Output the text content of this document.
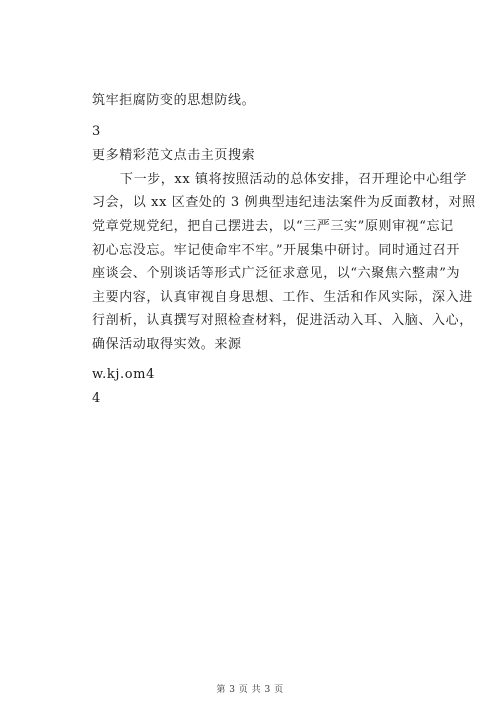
筑牢拒腐防变的思想防线。
3
更多精彩范文点击主页搜索
下一步，xx 镇将按照活动的总体安排，召开理论中心组学
习会，以 xx 区查处的 3 例典型违纪违法案件为反面教材，对照
党章党规党纪，把自己摆进去，以“三严三实”原则审视“忘记
初心忘没忘。牢记使命牢不牢。”开展集中研讨。同时通过召开
座谈会、个别谈话等形式广泛征求意见，以“六聚焦六整肃”为
主要内容，认真审视自身思想、工作、生活和作风实际，深入进
行剖析，认真撰写对照检查材料，促进活动入耳、入脑、入心，
确保活动取得实效。来源
w.kj.om4
4
第 3 页 共 3 页
